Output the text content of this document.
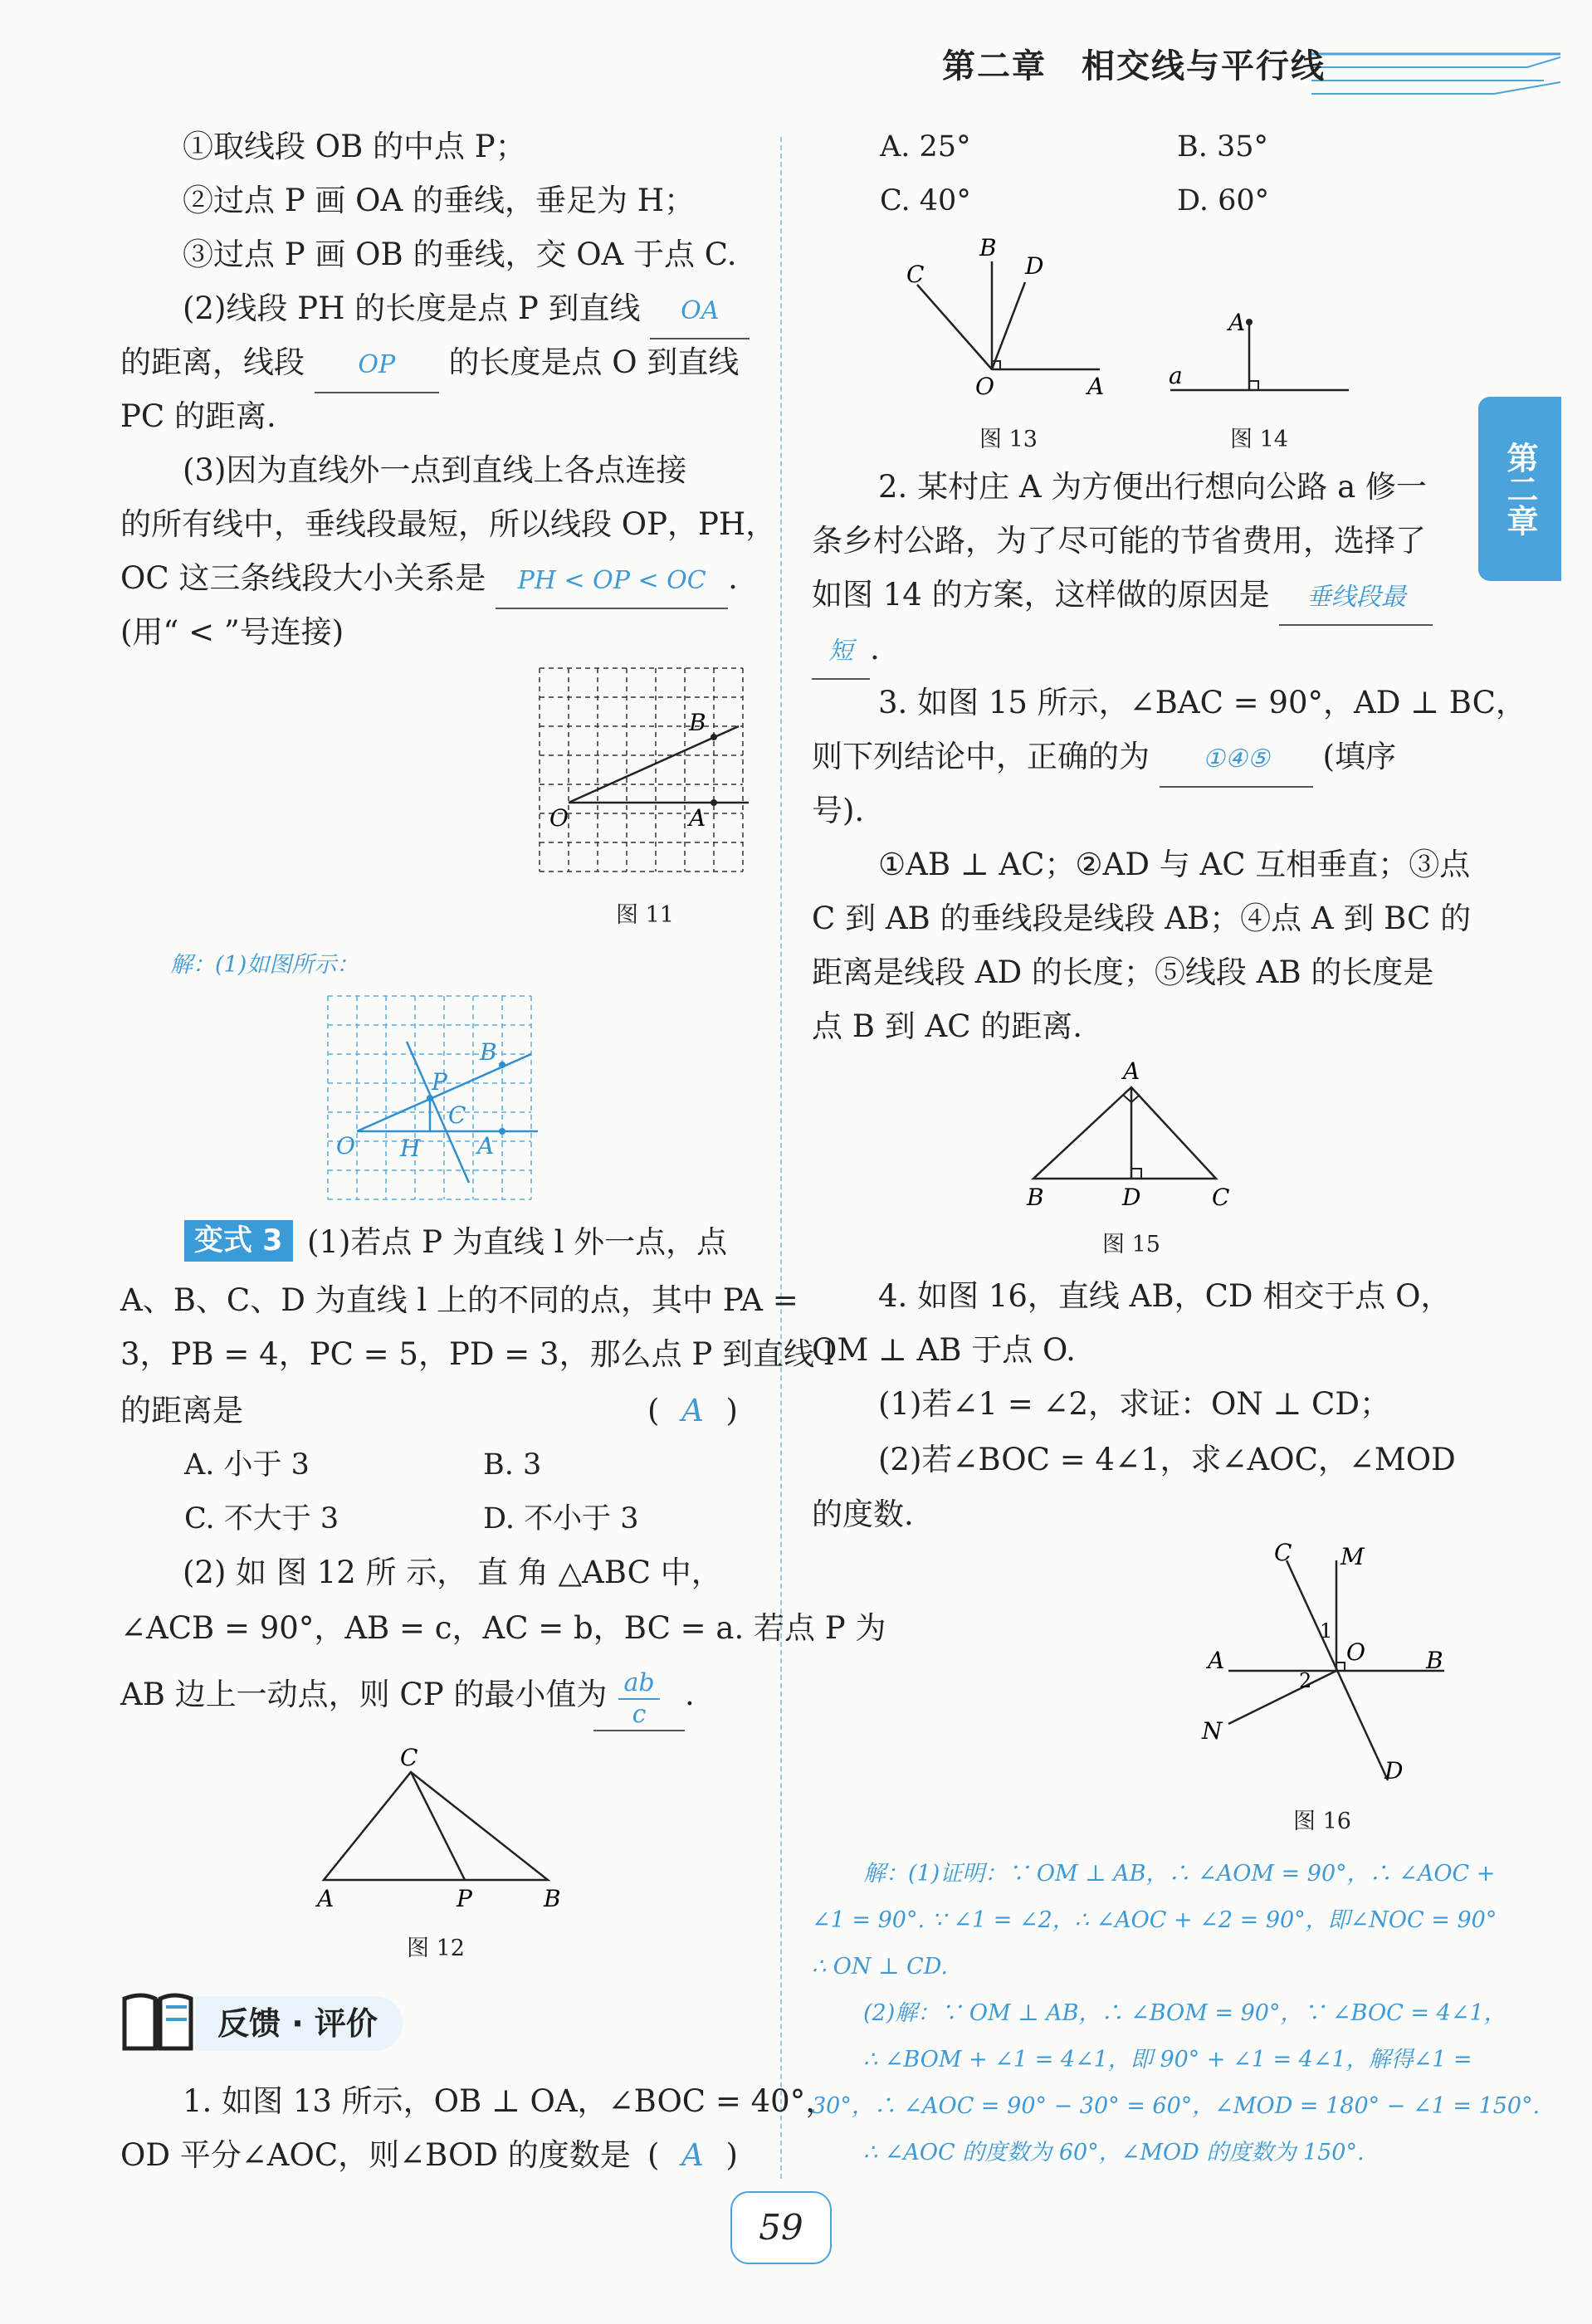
第二章　相交线与平行线
第二章
①取线段 OB 的中点 P；
②过点 P 画 OA 的垂线，垂足为 H；
③过点 P 画 OB 的垂线，交 OA 于点 C.
(2)线段 PH 的长度是点 P 到直线 OA
的距离，线段 OP 的长度是点 O 到直线
PC 的距离.
(3)因为直线外一点到直线上各点连接
的所有线中，垂线段最短，所以线段 OP，PH，
OC 这三条线段大小关系是 PH < OP < OC .
(用“ < ”号连接)
B
O	A
图 11
解：(1)如图所示：
B
P
C
O H A
变式 3 (1)若点 P 为直线 l 外一点，点
A、B、C、D 为直线 l 上的不同的点，其中 PA =
3，PB = 4，PC = 5，PD = 3，那么点 P 到直线 l
的距离是	( A )
A. 小于 3	B. 3
C. 不大于 3	D. 不小于 3
(2) 如 图 12 所 示， 直 角 △ABC 中，
∠ACB = 90°，AB = c，AC = b，BC = a. 若点 P 为
AB 边上一动点，则 CP 的最小值为
$\frac{ab}{c}$ .
C
A	P	B
图 12
反馈 · 评价
1. 如图 13 所示，OB ⊥ OA，∠BOC = 40°，
OD 平分∠AOC，则∠BOD 的度数是 ( A )
A. 25°	B. 35°
C. 40°	D. 60°
B
C	D
O	A
图 13
A
a
图 14
2. 某村庄 A 为方便出行想向公路 a 修一
条乡村公路，为了尽可能的节省费用，选择了
如图 14 的方案，这样做的原因是 垂线段最
短 .
3. 如图 15 所示，∠BAC = 90°，AD ⊥ BC，
则下列结论中，正确的为 ①④⑤ (填序
号).
①AB ⊥ AC；②AD 与 AC 互相垂直；③点
C 到 AB 的垂线段是线段 AB；④点 A 到 BC 的
距离是线段 AD 的长度；⑤线段 AB 的长度是
点 B 到 AC 的距离.
A
B	D	C
图 15
4. 如图 16，直线 AB，CD 相交于点 O，
OM ⊥ AB 于点 O.
(1)若∠1 = ∠2，求证：ON ⊥ CD；
(2)若∠BOC = 4∠1，求∠AOC，∠MOD
的度数.
C M
A	O	B
N
D
1
2
图 16
解：(1)证明：∵ OM ⊥ AB，∴ ∠AOM = 90°，∴ ∠AOC +
∠1 = 90°. ∵ ∠1 = ∠2，∴ ∠AOC + ∠2 = 90°，即∠NOC = 90°
∴ ON ⊥ CD.
(2)解：∵ OM ⊥ AB，∴ ∠BOM = 90°，∵ ∠BOC = 4∠1，
∴ ∠BOM + ∠1 = 4∠1，即 90° + ∠1 = 4∠1，解得∠1 =
30°，∴ ∠AOC = 90° − 30° = 60°，∠MOD = 180° − ∠1 = 150°.
∴ ∠AOC 的度数为 60°，∠MOD 的度数为 150°.
59
